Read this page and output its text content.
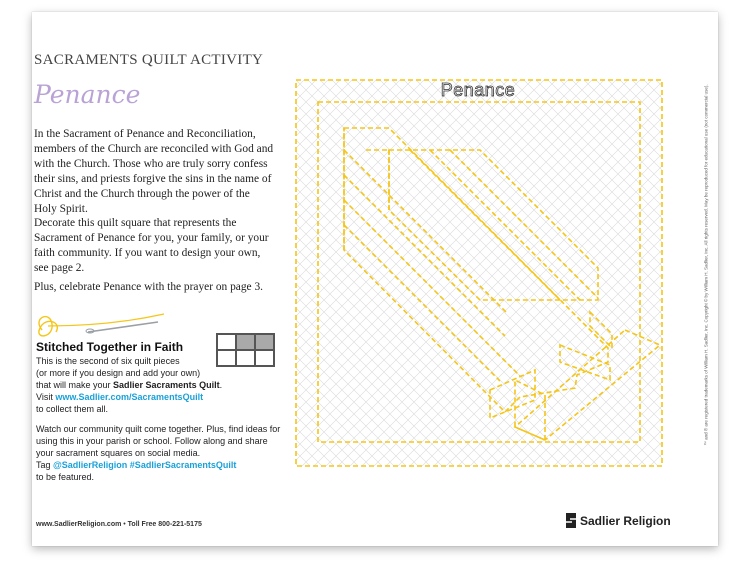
Penance
SACRAMENTS QUILT ACTIVITY
Penance
In the Sacrament of Penance and Reconciliation, members of the Church are reconciled with God and with the Church. Those who are truly sorry confess their sins, and priests forgive the sins in the name of Christ and the Church through the power of the Holy Spirit.
Decorate this quilt square that represents the Sacrament of Penance for you, your family, or your faith community. If you want to design your own, see page 2.
Plus, celebrate Penance with the prayer on page 3.
Stitched Together in Faith
This is the second of six quilt pieces
(or more if you design and add your own)
that will make your Sadlier Sacraments Quilt.
Visit www.Sadlier.com/SacramentsQuilt
to collect them all.
Watch our community quilt come together. Plus, find ideas for using this in your parish or school. Follow along and share your sacrament squares on social media.
Tag @SadlierReligion #SadlierSacramentsQuilt
to be featured.
www.SadlierReligion.com • Toll Free 800-221-5175	Sadlier Religion
™ and ® are registered trademarks of William H. Sadlier, Inc. Copyright © by William H. Sadlier, Inc. All rights reserved. May be reproduced for educational use (not commercial use).
